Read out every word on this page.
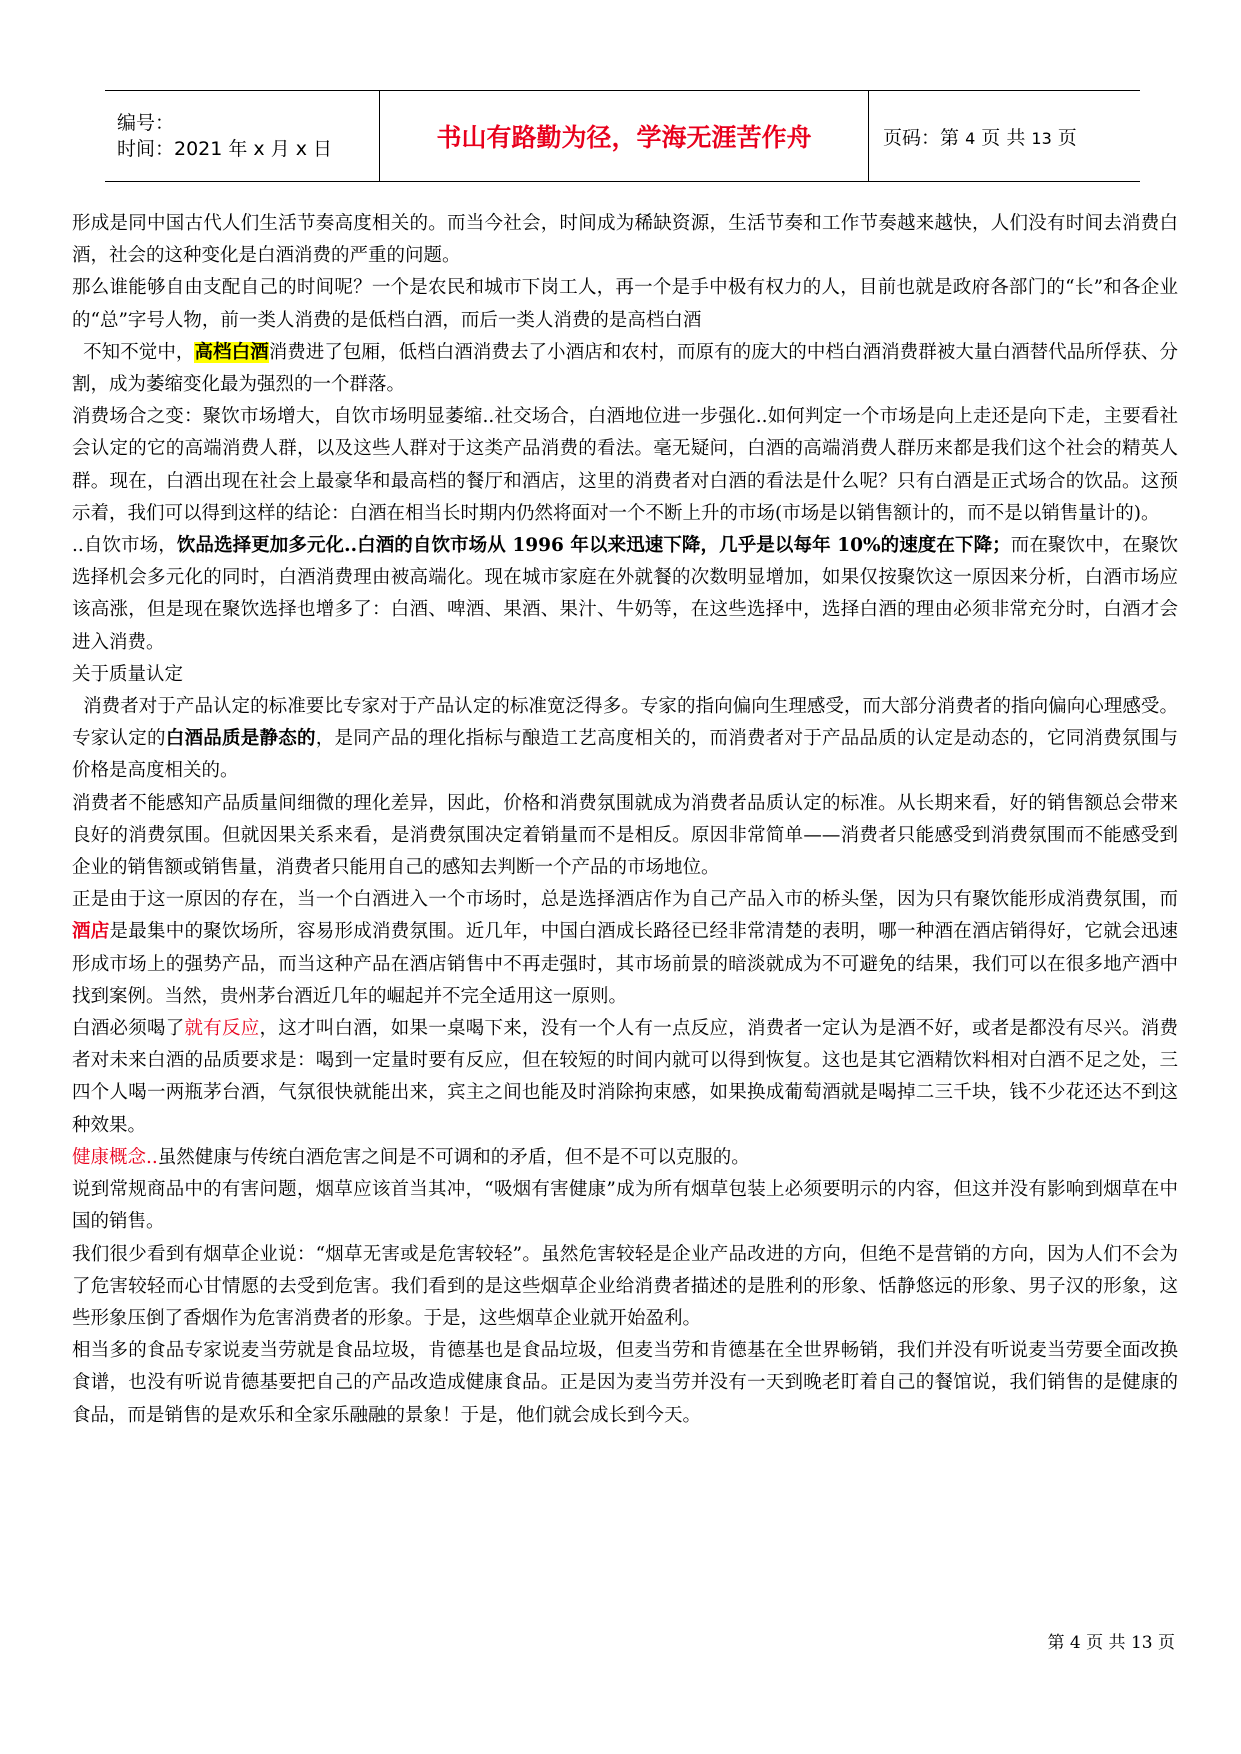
编号：
时间：2021 年 x 月 x 日	书山有路勤为径，学海无涯苦作舟	页码：第 4 页 共 13 页

形成是同中国古代人们生活节奏高度相关的。而当今社会，时间成为稀缺资源，生活节奏和工作节奏越来越快，人们没有时间去消费白酒，社会的这种变化是白酒消费的严重的问题。

那么谁能够自由支配自己的时间呢？一个是农民和城市下岗工人，再一个是手中极有权力的人，目前也就是政府各部门的“长”和各企业的“总”字号人物，前一类人消费的是低档白酒，而后一类人消费的是高档白酒

不知不觉中，高档白酒消费进了包厢，低档白酒消费去了小酒店和农村，而原有的庞大的中档白酒消费群被大量白酒替代品所俘获、分割，成为萎缩变化最为强烈的一个群落。

消费场合之变：聚饮市场增大，自饮市场明显萎缩..社交场合，白酒地位进一步强化..如何判定一个市场是向上走还是向下走，主要看社会认定的它的高端消费人群，以及这些人群对于这类产品消费的看法。毫无疑问，白酒的高端消费人群历来都是我们这个社会的精英人群。现在，白酒出现在社会上最豪华和最高档的餐厅和酒店，这里的消费者对白酒的看法是什么呢？只有白酒是正式场合的饮品。这预示着，我们可以得到这样的结论：白酒在相当长时期内仍然将面对一个不断上升的市场(市场是以销售额计的，而不是以销售量计的)。

..自饮市场，饮品选择更加多元化..白酒的自饮市场从 1996 年以来迅速下降，几乎是以每年 10%的速度在下降；而在聚饮中，在聚饮选择机会多元化的同时，白酒消费理由被高端化。现在城市家庭在外就餐的次数明显增加，如果仅按聚饮这一原因来分析，白酒市场应该高涨，但是现在聚饮选择也增多了：白酒、啤酒、果酒、果汁、牛奶等，在这些选择中，选择白酒的理由必须非常充分时，白酒才会进入消费。

关于质量认定

消费者对于产品认定的标准要比专家对于产品认定的标准宽泛得多。专家的指向偏向生理感受，而大部分消费者的指向偏向心理感受。专家认定的白酒品质是静态的，是同产品的理化指标与酿造工艺高度相关的，而消费者对于产品品质的认定是动态的，它同消费氛围与价格是高度相关的。

消费者不能感知产品质量间细微的理化差异，因此，价格和消费氛围就成为消费者品质认定的标准。从长期来看，好的销售额总会带来良好的消费氛围。但就因果关系来看，是消费氛围决定着销量而不是相反。原因非常简单——消费者只能感受到消费氛围而不能感受到企业的销售额或销售量，消费者只能用自己的感知去判断一个产品的市场地位。

正是由于这一原因的存在，当一个白酒进入一个市场时，总是选择酒店作为自己产品入市的桥头堡，因为只有聚饮能形成消费氛围，而酒店是最集中的聚饮场所，容易形成消费氛围。近几年，中国白酒成长路径已经非常清楚的表明，哪一种酒在酒店销得好，它就会迅速形成市场上的强势产品，而当这种产品在酒店销售中不再走强时，其市场前景的暗淡就成为不可避免的结果，我们可以在很多地产酒中找到案例。当然，贵州茅台酒近几年的崛起并不完全适用这一原则。

白酒必须喝了就有反应，这才叫白酒，如果一桌喝下来，没有一个人有一点反应，消费者一定认为是酒不好，或者是都没有尽兴。消费者对未来白酒的品质要求是：喝到一定量时要有反应，但在较短的时间内就可以得到恢复。这也是其它酒精饮料相对白酒不足之处，三四个人喝一两瓶茅台酒，气氛很快就能出来，宾主之间也能及时消除拘束感，如果换成葡萄酒就是喝掉二三千块，钱不少花还达不到这种效果。

健康概念..虽然健康与传统白酒危害之间是不可调和的矛盾，但不是不可以克服的。

说到常规商品中的有害问题，烟草应该首当其冲，“吸烟有害健康”成为所有烟草包装上必须要明示的内容，但这并没有影响到烟草在中国的销售。

我们很少看到有烟草企业说：“烟草无害或是危害较轻”。虽然危害较轻是企业产品改进的方向，但绝不是营销的方向，因为人们不会为了危害较轻而心甘情愿的去受到危害。我们看到的是这些烟草企业给消费者描述的是胜利的形象、恬静悠远的形象、男子汉的形象，这些形象压倒了香烟作为危害消费者的形象。于是，这些烟草企业就开始盈利。

相当多的食品专家说麦当劳就是食品垃圾，肯德基也是食品垃圾，但麦当劳和肯德基在全世界畅销，我们并没有听说麦当劳要全面改换食谱，也没有听说肯德基要把自己的产品改造成健康食品。正是因为麦当劳并没有一天到晚老盯着自己的餐馆说，我们销售的是健康的食品，而是销售的是欢乐和全家乐融融的景象！于是，他们就会成长到今天。

第 4 页 共 13 页
